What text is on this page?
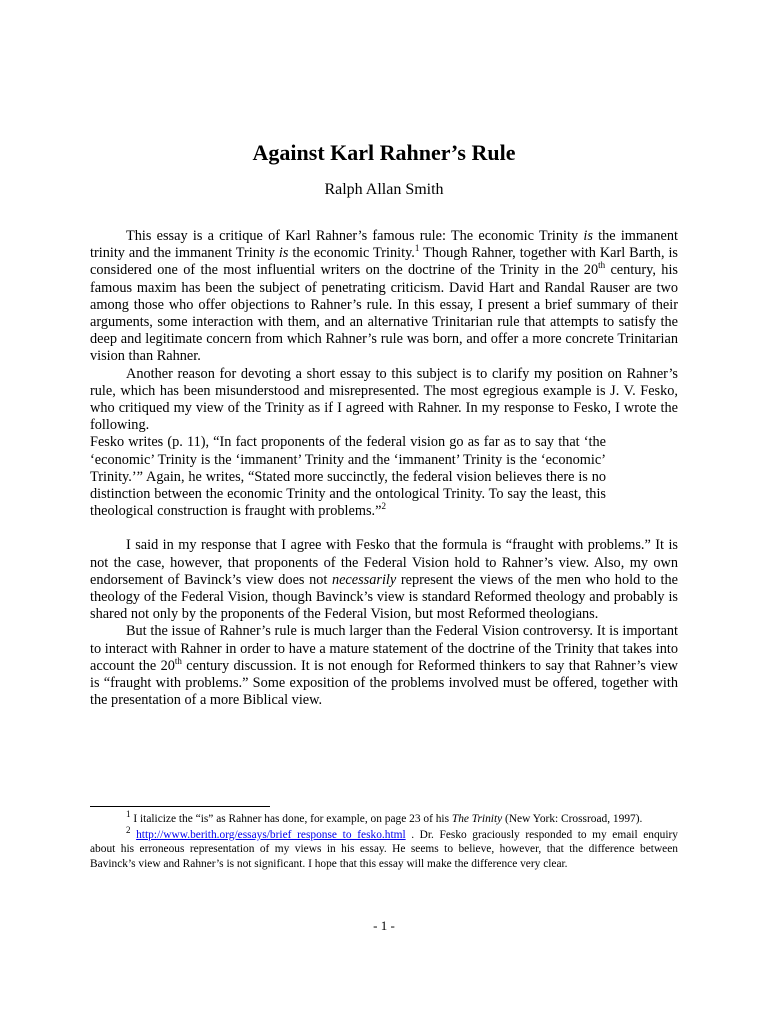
Against Karl Rahner’s Rule
Ralph Allan Smith

This essay is a critique of Karl Rahner’s famous rule: The economic Trinity is the immanent trinity and the immanent Trinity is the economic Trinity.$^1$ Though Rahner, together with Karl Barth, is considered one of the most influential writers on the doctrine of the Trinity in the 20th century, his famous maxim has been the subject of penetrating criticism. David Hart and Randal Rauser are two among those who offer objections to Rahner’s rule. In this essay, I present a brief summary of their arguments, some interaction with them, and an alternative Trinitarian rule that attempts to satisfy the deep and legitimate concern from which Rahner’s rule was born, and offer a more concrete Trinitarian vision than Rahner.

Another reason for devoting a short essay to this subject is to clarify my position on Rahner’s rule, which has been misunderstood and misrepresented. The most egregious example is J. V. Fesko, who critiqued my view of the Trinity as if I agreed with Rahner. In my response to Fesko, I wrote the following.

Fesko writes (p. 11), “In fact proponents of the federal vision go as far as to say that ‘the ‘economic’ Trinity is the ‘immanent’ Trinity and the ‘immanent’ Trinity is the ‘economic’ Trinity.’” Again, he writes, “Stated more succinctly, the federal vision believes there is no distinction between the economic Trinity and the ontological Trinity. To say the least, this theological construction is fraught with problems.”$^2$

I said in my response that I agree with Fesko that the formula is “fraught with problems.” It is not the case, however, that proponents of the Federal Vision hold to Rahner’s view. Also, my own endorsement of Bavinck’s view does not necessarily represent the views of the men who hold to the theology of the Federal Vision, though Bavinck’s view is standard Reformed theology and probably is shared not only by the proponents of the Federal Vision, but most Reformed theologians.

But the issue of Rahner’s rule is much larger than the Federal Vision controversy. It is important to interact with Rahner in order to have a mature statement of the doctrine of the Trinity that takes into account the 20th century discussion. It is not enough for Reformed thinkers to say that Rahner’s view is “fraught with problems.” Some exposition of the problems involved must be offered, together with the presentation of a more Biblical view.

$^1$ I italicize the “is” as Rahner has done, for example, on page 23 of his The Trinity (New York: Crossroad, 1997).

$^2$ http://www.berith.org/essays/brief_response_to_fesko.html . Dr. Fesko graciously responded to my email enquiry about his erroneous representation of my views in his essay. He seems to believe, however, that the difference between Bavinck’s view and Rahner’s is not significant. I hope that this essay will make the difference very clear.

- 1 -
